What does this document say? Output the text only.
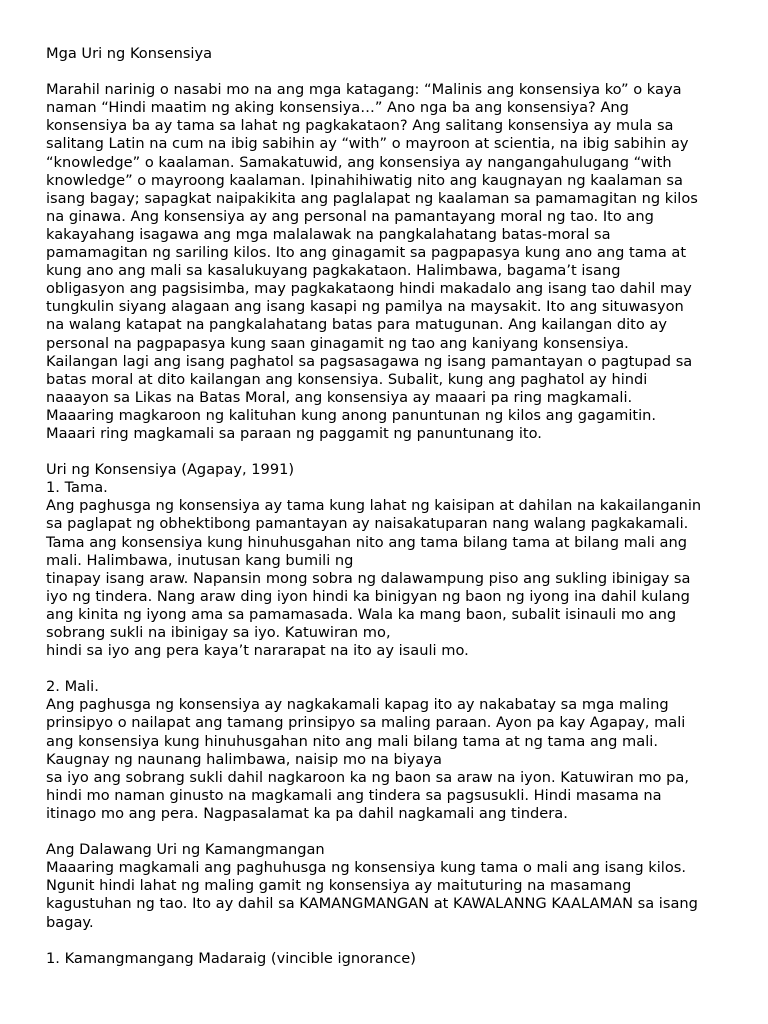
Mga Uri ng Konsensiya
Marahil narinig o nasabi mo na ang mga katagang: “Malinis ang konsensiya ko” o kaya
naman “Hindi maatim ng aking konsensiya…” Ano nga ba ang konsensiya? Ang
konsensiya ba ay tama sa lahat ng pagkakataon? Ang salitang konsensiya ay mula sa
salitang Latin na cum na ibig sabihin ay “with” o mayroon at scientia, na ibig sabihin ay
“knowledge” o kaalaman. Samakatuwid, ang konsensiya ay nangangahulugang “with
knowledge” o mayroong kaalaman. Ipinahihiwatig nito ang kaugnayan ng kaalaman sa
isang bagay; sapagkat naipakikita ang paglalapat ng kaalaman sa pamamagitan ng kilos
na ginawa. Ang konsensiya ay ang personal na pamantayang moral ng tao. Ito ang
kakayahang isagawa ang mga malalawak na pangkalahatang batas-moral sa
pamamagitan ng sariling kilos. Ito ang ginagamit sa pagpapasya kung ano ang tama at
kung ano ang mali sa kasalukuyang pagkakataon. Halimbawa, bagama’t isang
obligasyon ang pagsisimba, may pagkakataong hindi makadalo ang isang tao dahil may
tungkulin siyang alagaan ang isang kasapi ng pamilya na maysakit. Ito ang situwasyon
na walang katapat na pangkalahatang batas para matugunan. Ang kailangan dito ay
personal na pagpapasya kung saan ginagamit ng tao ang kaniyang konsensiya.
Kailangan lagi ang isang paghatol sa pagsasagawa ng isang pamantayan o pagtupad sa
batas moral at dito kailangan ang konsensiya. Subalit, kung ang paghatol ay hindi
naaayon sa Likas na Batas Moral, ang konsensiya ay maaari pa ring magkamali.
Maaaring magkaroon ng kalituhan kung anong panuntunan ng kilos ang gagamitin.
Maaari ring magkamali sa paraan ng paggamit ng panuntunang ito.
Uri ng Konsensiya (Agapay, 1991)
1. Tama.
Ang paghusga ng konsensiya ay tama kung lahat ng kaisipan at dahilan na kakailanganin
sa paglapat ng obhektibong pamantayan ay naisakatuparan nang walang pagkakamali.
Tama ang konsensiya kung hinuhusgahan nito ang tama bilang tama at bilang mali ang
mali. Halimbawa, inutusan kang bumili ng
tinapay isang araw. Napansin mong sobra ng dalawampung piso ang sukling ibinigay sa
iyo ng tindera. Nang araw ding iyon hindi ka binigyan ng baon ng iyong ina dahil kulang
ang kinita ng iyong ama sa pamamasada. Wala ka mang baon, subalit isinauli mo ang
sobrang sukli na ibinigay sa iyo. Katuwiran mo,
hindi sa iyo ang pera kaya’t nararapat na ito ay isauli mo.
2. Mali.
Ang paghusga ng konsensiya ay nagkakamali kapag ito ay nakabatay sa mga maling
prinsipyo o nailapat ang tamang prinsipyo sa maling paraan. Ayon pa kay Agapay, mali
ang konsensiya kung hinuhusgahan nito ang mali bilang tama at ng tama ang mali.
Kaugnay ng naunang halimbawa, naisip mo na biyaya
sa iyo ang sobrang sukli dahil nagkaroon ka ng baon sa araw na iyon. Katuwiran mo pa,
hindi mo naman ginusto na magkamali ang tindera sa pagsusukli. Hindi masama na
itinago mo ang pera. Nagpasalamat ka pa dahil nagkamali ang tindera.
Ang Dalawang Uri ng Kamangmangan
Maaaring magkamali ang paghuhusga ng konsensiya kung tama o mali ang isang kilos.
Ngunit hindi lahat ng maling gamit ng konsensiya ay maituturing na masamang
kagustuhan ng tao. Ito ay dahil sa KAMANGMANGAN at KAWALANNG KAALAMAN sa isang
bagay.
1. Kamangmangang Madaraig (vincible ignorance)
